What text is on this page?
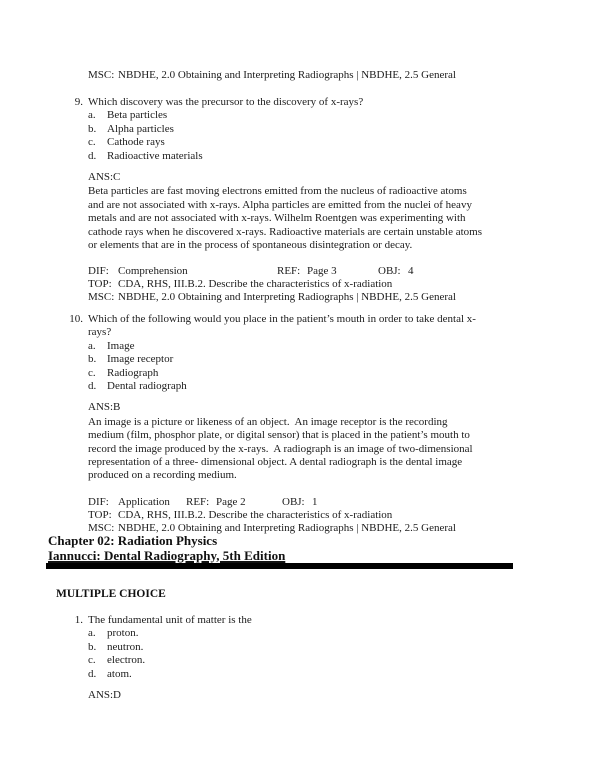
MSC: NBDHE, 2.0 Obtaining and Interpreting Radiographs | NBDHE, 2.5 General
9. Which discovery was the precursor to the discovery of x-rays?
a. Beta particles
b. Alpha particles
c. Cathode rays
d. Radioactive materials
ANS:C
Beta particles are fast moving electrons emitted from the nucleus of radioactive atoms
and are not associated with x-rays. Alpha particles are emitted from the nuclei of heavy
metals and are not associated with x-rays. Wilhelm Roentgen was experimenting with
cathode rays when he discovered x-rays. Radioactive materials are certain unstable atoms
or elements that are in the process of spontaneous disintegration or decay.
DIF: Comprehension	REF: Page 3	OBJ: 4
TOP: CDA, RHS, III.B.2. Describe the characteristics of x-radiation
MSC: NBDHE, 2.0 Obtaining and Interpreting Radiographs | NBDHE, 2.5 General
10. Which of the following would you place in the patient’s mouth in order to take dental x-
rays?
a. Image
b. Image receptor
c. Radiograph
d. Dental radiograph
ANS:B
An image is a picture or likeness of an object.  An image receptor is the recording
medium (film, phosphor plate, or digital sensor) that is placed in the patient’s mouth to
record the image produced by the x-rays.  A radiograph is an image of two-dimensional
representation of a three- dimensional object. A dental radiograph is the dental image
produced on a recording medium.
DIF: Application REF: Page 2	OBJ: 1
TOP: CDA, RHS, III.B.2. Describe the characteristics of x-radiation
MSC: NBDHE, 2.0 Obtaining and Interpreting Radiographs | NBDHE, 2.5 General
Chapter 02: Radiation Physics
Iannucci: Dental Radiography, 5th Edition
MULTIPLE CHOICE
1. The fundamental unit of matter is the
a. proton.
b. neutron.
c. electron.
d. atom.
ANS:D
